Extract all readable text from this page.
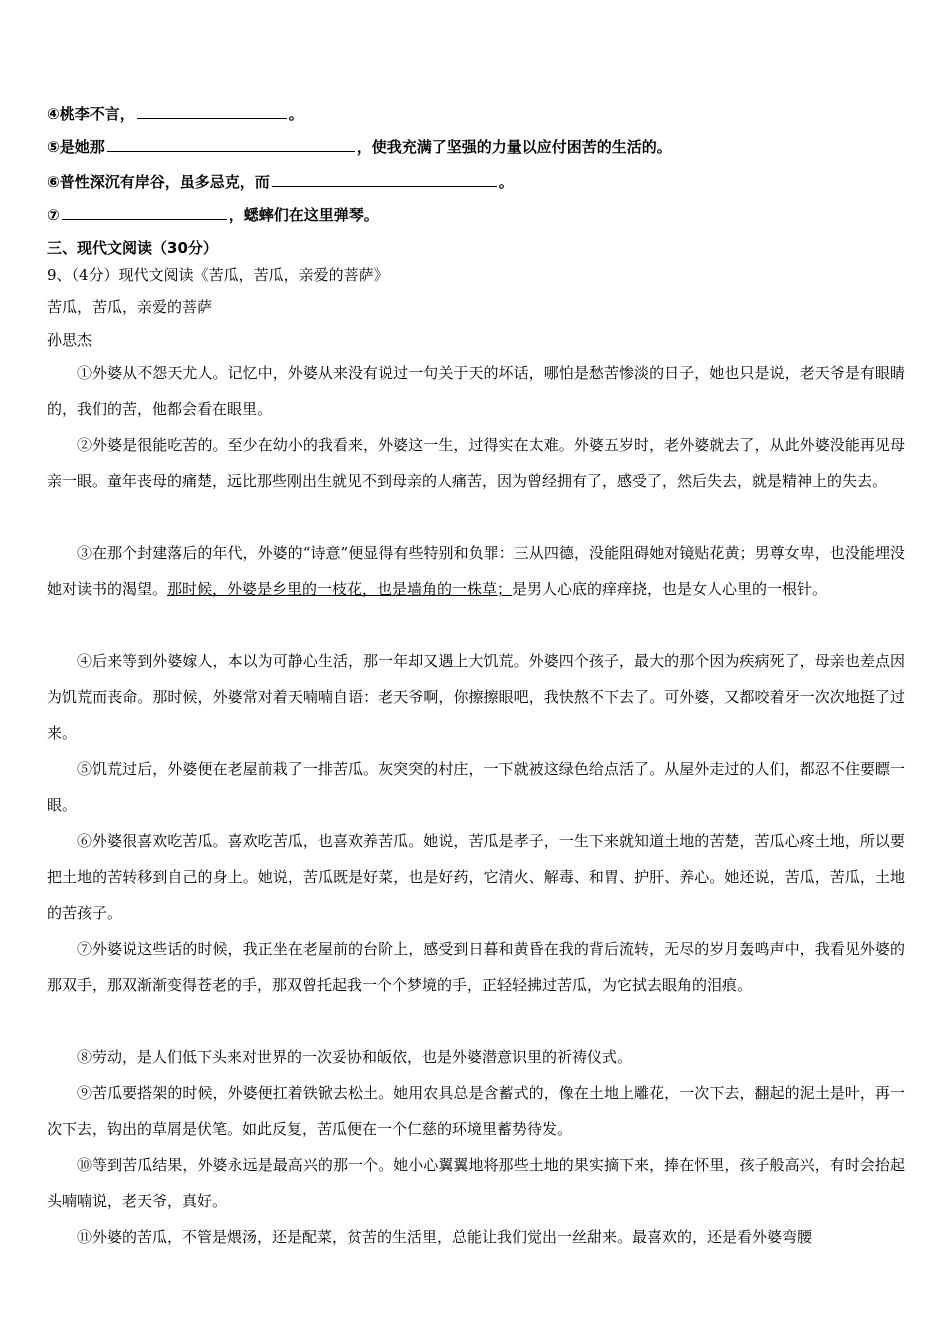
④桃李不言，	。
⑤是她那	，使我充满了坚强的力量以应付困苦的生活的。
⑥普性深沉有岸谷，虽多忌克，而	。
⑦	，蟋蟀们在这里弹琴。
三、现代文阅读（30分）
9、（4分）现代文阅读《苦瓜，苦瓜，亲爱的菩萨》
苦瓜，苦瓜，亲爱的菩萨
孙思杰
①外婆从不怨天尤人。记忆中，外婆从来没有说过一句关于天的坏话，哪怕是愁苦惨淡的日子，她也只是说，老天爷是有眼睛的，我们的苦，他都会看在眼里。
②外婆是很能吃苦的。至少在幼小的我看来，外婆这一生，过得实在太难。外婆五岁时，老外婆就去了，从此外婆没能再见母亲一眼。童年丧母的痛楚，远比那些刚出生就见不到母亲的人痛苦，因为曾经拥有了，感受了，然后失去，就是精神上的失去。
③在那个封建落后的年代，外婆的“诗意”便显得有些特别和负罪：三从四德，没能阻碍她对镜贴花黄；男尊女卑，也没能埋没她对读书的渴望。那时候，外婆是乡里的一枝花，也是墙角的一株草；是男人心底的痒痒挠，也是女人心里的一根针。
④后来等到外婆嫁人，本以为可静心生活，那一年却又遇上大饥荒。外婆四个孩子，最大的那个因为疾病死了，母亲也差点因为饥荒而丧命。那时候，外婆常对着天喃喃自语：老天爷啊，你擦擦眼吧，我快熬不下去了。可外婆，又都咬着牙一次次地挺了过来。
⑤饥荒过后，外婆便在老屋前栽了一排苦瓜。灰突突的村庄，一下就被这绿色给点活了。从屋外走过的人们，都忍不住要瞟一眼。
⑥外婆很喜欢吃苦瓜。喜欢吃苦瓜，也喜欢养苦瓜。她说，苦瓜是孝子，一生下来就知道土地的苦楚，苦瓜心疼土地，所以要把土地的苦转移到自己的身上。她说，苦瓜既是好菜，也是好药，它清火、解毒、和胃、护肝、养心。她还说，苦瓜，苦瓜，土地的苦孩子。
⑦外婆说这些话的时候，我正坐在老屋前的台阶上，感受到日暮和黄昏在我的背后流转，无尽的岁月轰鸣声中，我看见外婆的那双手，那双渐渐变得苍老的手，那双曾托起我一个个梦境的手，正轻轻拂过苦瓜，为它拭去眼角的泪痕。
⑧劳动，是人们低下头来对世界的一次妥协和皈依，也是外婆潜意识里的祈祷仪式。
⑨苦瓜要搭架的时候，外婆便扛着铁锨去松土。她用农具总是含蓄式的，像在土地上雕花，一次下去，翻起的泥土是叶，再一次下去，钩出的草屑是伏笔。如此反复，苦瓜便在一个仁慈的环境里蓄势待发。
⑩等到苦瓜结果，外婆永远是最高兴的那一个。她小心翼翼地将那些土地的果实摘下来，捧在怀里，孩子般高兴，有时会抬起头喃喃说，老天爷，真好。
⑪外婆的苦瓜，不管是煨汤，还是配菜，贫苦的生活里，总能让我们觉出一丝甜来。最喜欢的，还是看外婆弯腰
